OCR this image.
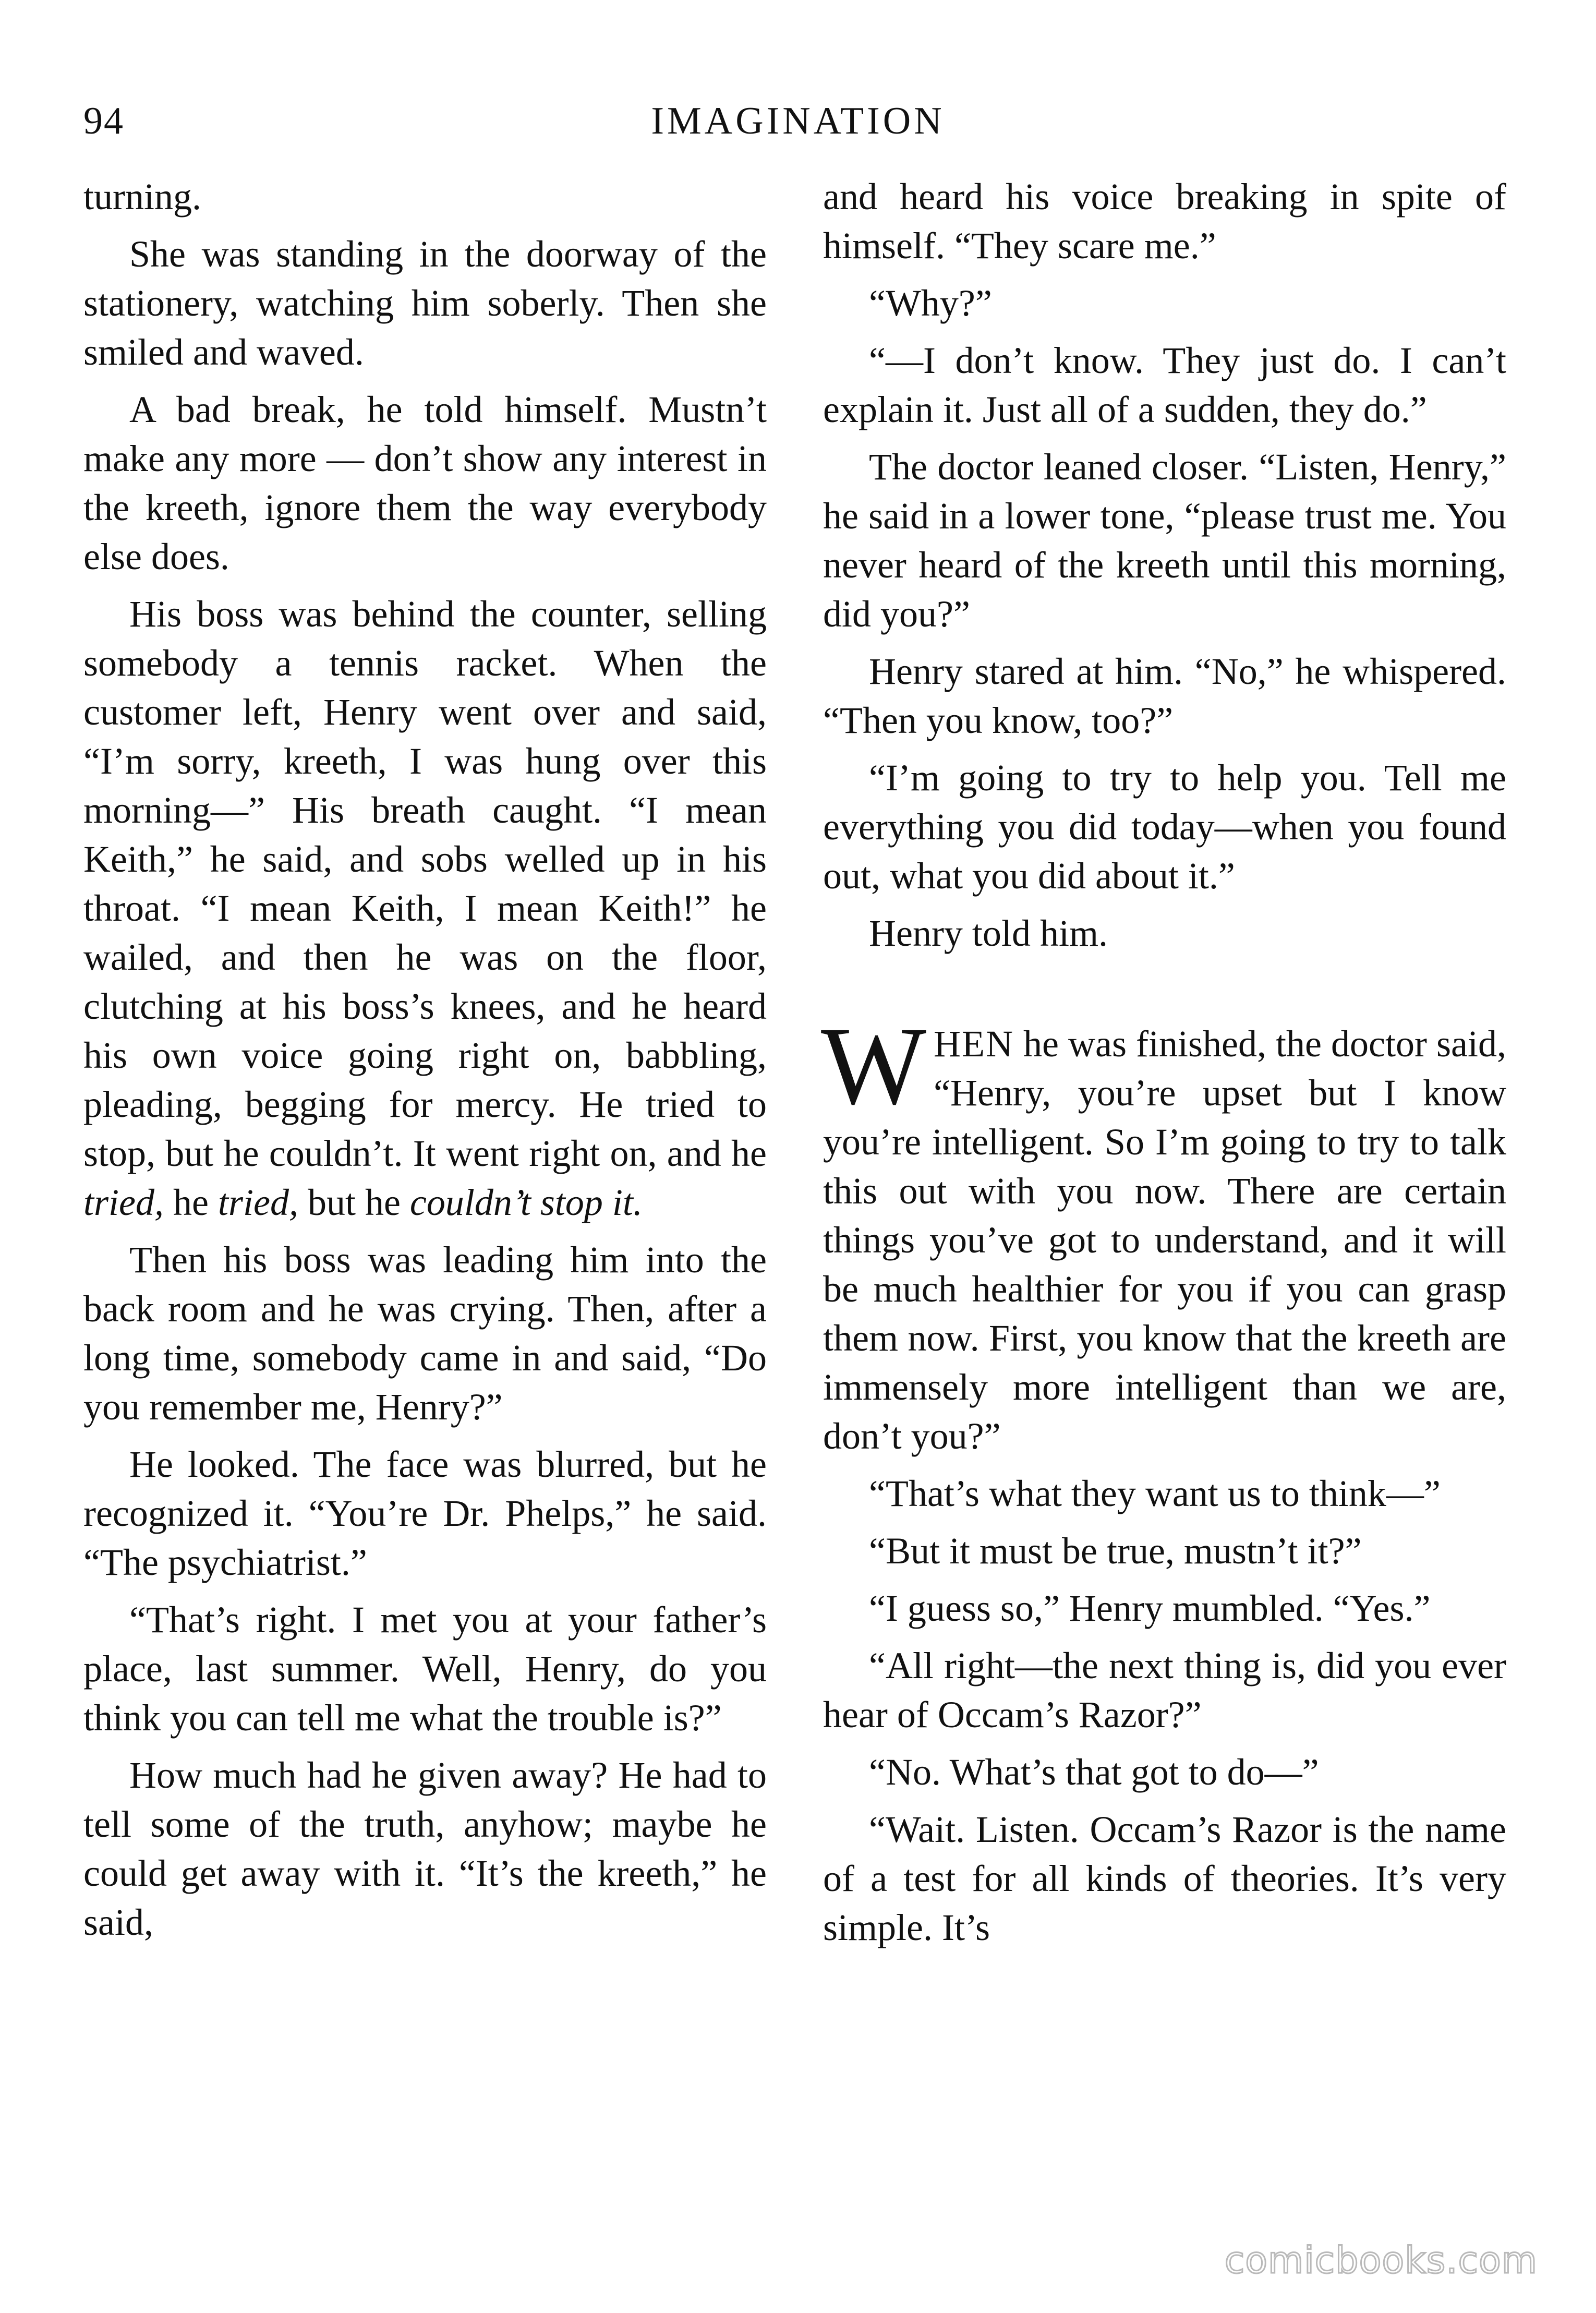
94	IMAGINATION

turning.

She was standing in the doorway of the stationery, watching him soberly. Then she smiled and waved.

A bad break, he told himself. Mustn’t make any more — don’t show any interest in the kreeth, ignore them the way everybody else does.

His boss was behind the counter, selling somebody a tennis racket. When the customer left, Henry went over and said, “I’m sorry, kreeth, I was hung over this morning—” His breath caught. “I mean Keith,” he said, and sobs welled up in his throat. “I mean Keith, I mean Keith!” he wailed, and then he was on the floor, clutching at his boss’s knees, and he heard his own voice going right on, babbling, pleading, begging for mercy. He tried to stop, but he couldn’t. It went right on, and he tried, he tried, but he couldn’t stop it.

Then his boss was leading him into the back room and he was crying. Then, after a long time, somebody came in and said, “Do you remember me, Henry?”

He looked. The face was blurred, but he recognized it. “You’re Dr. Phelps,” he said. “The psychiatrist.”

“That’s right. I met you at your father’s place, last summer. Well, Henry, do you think you can tell me what the trouble is?”

How much had he given away? He had to tell some of the truth, anyhow; maybe he could get away with it. “It’s the kreeth,” he said,

and heard his voice breaking in spite of himself. “They scare me.”

“Why?”

“—I don’t know. They just do. I can’t explain it. Just all of a sudden, they do.”

The doctor leaned closer. “Listen, Henry,” he said in a lower tone, “please trust me. You never heard of the kreeth until this morning, did you?”

Henry stared at him. “No,” he whispered. “Then you know, too?”

“I’m going to try to help you. Tell me everything you did today—when you found out, what you did about it.”

Henry told him.

WHEN he was finished, the doctor said, “Henry, you’re upset but I know you’re intelligent. So I’m going to try to talk this out with you now. There are certain things you’ve got to understand, and it will be much healthier for you if you can grasp them now. First, you know that the kreeth are immensely more intelligent than we are, don’t you?”

“That’s what they want us to think—”

“But it must be true, mustn’t it?”

“I guess so,” Henry mumbled. “Yes.”

“All right—the next thing is, did you ever hear of Occam’s Razor?”

“No. What’s that got to do—”

“Wait. Listen. Occam’s Razor is the name of a test for all kinds of theories. It’s very simple. It’s

comicbooks.com
